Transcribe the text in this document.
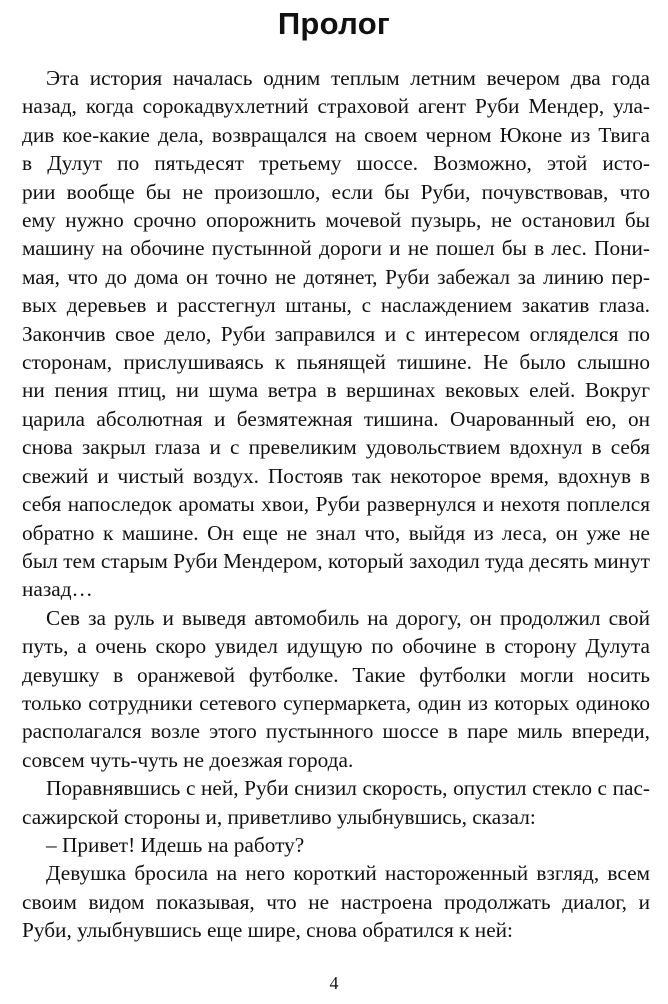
Пролог

Эта история началась одним теплым летним вечером два года
назад, когда сорокадвухлетний страховой агент Руби Мендер, ула-
див кое-какие дела, возвращался на своем черном Юконе из Твига
в Дулут по пятьдесят третьему шоссе. Возможно, этой исто-
рии вообще бы не произошло, если бы Руби, почувствовав, что
ему нужно срочно опорожнить мочевой пузырь, не остановил бы
машину на обочине пустынной дороги и не пошел бы в лес. Пони-
мая, что до дома он точно не дотянет, Руби забежал за линию пер-
вых деревьев и расстегнул штаны, с наслаждением закатив глаза.
Закончив свое дело, Руби заправился и с интересом огляделся по
сторонам, прислушиваясь к пьянящей тишине. Не было слышно
ни пения птиц, ни шума ветра в вершинах вековых елей. Вокруг
царила абсолютная и безмятежная тишина. Очарованный ею, он
снова закрыл глаза и с превеликим удовольствием вдохнул в себя
свежий и чистый воздух. Постояв так некоторое время, вдохнув в
себя напоследок ароматы хвои, Руби развернулся и нехотя поплелся
обратно к машине. Он еще не знал что, выйдя из леса, он уже не
был тем старым Руби Мендером, который заходил туда десять минут
назад…

Сев за руль и выведя автомобиль на дорогу, он продолжил свой
путь, а очень скоро увидел идущую по обочине в сторону Дулута
девушку в оранжевой футболке. Такие футболки могли носить
только сотрудники сетевого супермаркета, один из которых одиноко
располагался возле этого пустынного шоссе в паре миль впереди,
совсем чуть-чуть не доезжая города.

Поравнявшись с ней, Руби снизил скорость, опустил стекло с пас-
сажирской стороны и, приветливо улыбнувшись, сказал:

– Привет! Идешь на работу?

Девушка бросила на него короткий настороженный взгляд, всем
своим видом показывая, что не настроена продолжать диалог, и
Руби, улыбнувшись еще шире, снова обратился к ней:

4
